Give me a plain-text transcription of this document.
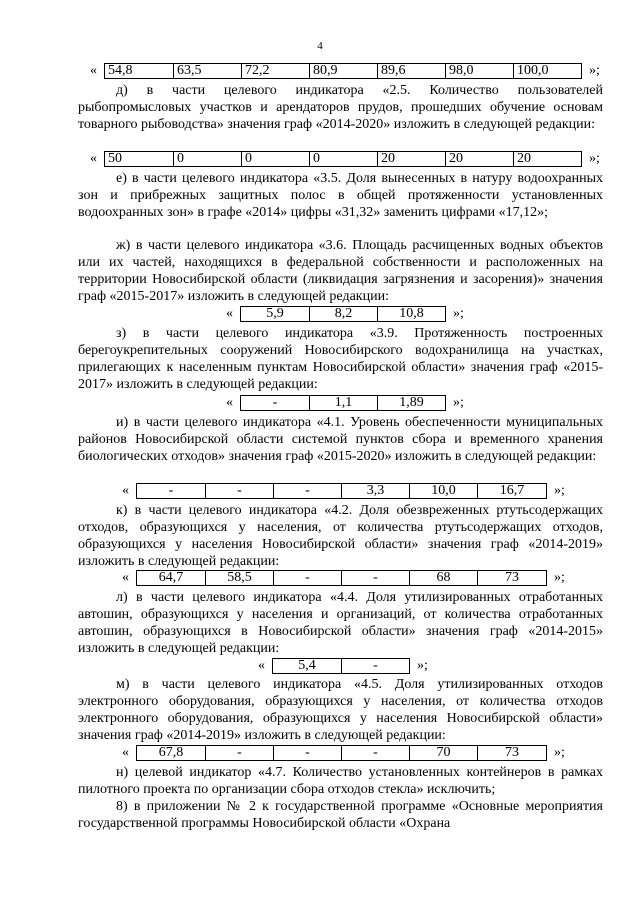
4
« 54,8	63,5	72,2	80,9	89,6	98,0	100,0	»;

д) в части целевого индикатора «2.5. Количество пользователей рыбопромысловых участков и арендаторов прудов, прошедших обучение основам товарного рыбоводства» значения граф «2014-2020» изложить в следующей редакции:

« 50	0	0	0	20	20	20	»;

е) в части целевого индикатора «3.5. Доля вынесенных в натуру водоохранных зон и прибрежных защитных полос в общей протяженности установленных водоохранных зон» в графе «2014» цифры «31,32» заменить цифрами «17,12»;

ж) в части целевого индикатора «3.6. Площадь расчищенных водных объектов или их частей, находящихся в федеральной собственности и расположенных на территории Новосибирской области (ликвидация загрязнения и засорения)» значения граф «2015-2017» изложить в следующей редакции:

« 5,9	8,2	10,8 »;

з) в части целевого индикатора «3.9. Протяженность построенных берегоукрепительных сооружений Новосибирского водохранилища на участках, прилегающих к населенным пунктам Новосибирской области» значения граф «2015-2017» изложить в следующей редакции:

«	-	1,1	1,89 »;

и) в части целевого индикатора «4.1. Уровень обеспеченности муниципальных районов Новосибирской области системой пунктов сбора и временного хранения биологических отходов» значения граф «2015-2020» изложить в следующей редакции:

«	-	-	-	3,3	10,0	16,7 »;

к) в части целевого индикатора «4.2. Доля обезвреженных ртутьсодержащих отходов, образующихся у населения, от количества ртутьсодержащих отходов, образующихся у населения Новосибирской области» значения граф «2014-2019» изложить в следующей редакции:

« 64,7	58,5	-	-	68	73	»;

л) в части целевого индикатора «4.4. Доля утилизированных отработанных автошин, образующихся у населения и организаций, от количества отработанных автошин, образующихся в Новосибирской области» значения граф «2014-2015» изложить в следующей редакции:

« 5,4	-	»;

м) в части целевого индикатора «4.5. Доля утилизированных отходов электронного оборудования, образующихся у населения, от количества отходов электронного оборудования, образующихся у населения Новосибирской области» значения граф «2014-2019» изложить в следующей редакции:

« 67,8	-	-	-	70	73	»;

н) целевой индикатор «4.7. Количество установленных контейнеров в рамках пилотного проекта по организации сбора отходов стекла» исключить;

8) в приложении № 2 к государственной программе «Основные мероприятия государственной программы Новосибирской области «Охрана
